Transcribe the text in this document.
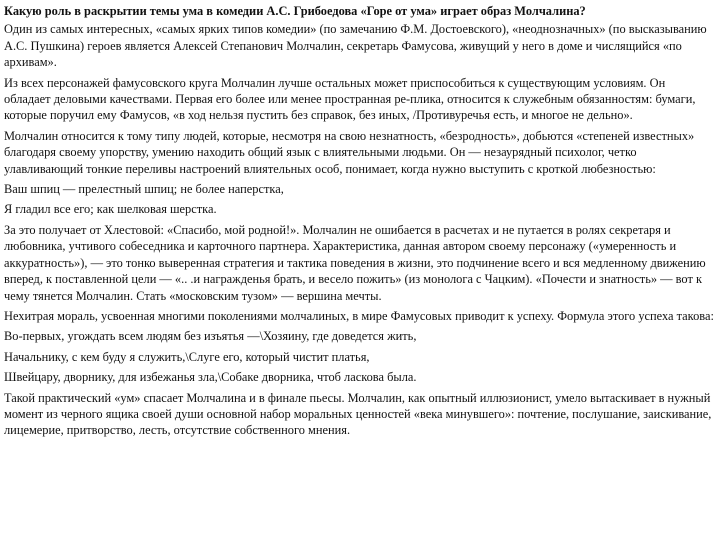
Какую роль в раскрытии темы ума в комедии А.С. Грибоедова «Горе от ума» играет образ Молчалина?

Один из самых интересных, «самых ярких типов комедии» (по замечанию Ф.М. Достоевского), «неоднозначных» (по высказыванию А.С. Пушкина) героев является Алексей Степанович Молчалин, секретарь Фамусова, живущий у него в доме и числящийся «по архивам».

Из всех персонажей фамусовского круга Молчалин лучше остальных может приспособиться к существующим условиям. Он обладает деловыми качествами. Первая его более или менее пространная ре-плика, относится к служебным обязанностям: бумаги, которые поручил ему Фамусов, «в ход нельзя пустить без справок, без иных, /Противуречья есть, и многое не дельно».

Молчалин относится к тому типу людей, которые, несмотря на свою незнатность, «безродность», добьются «степеней известных» благодаря своему упорству, умению находить общий язык с влиятельными людьми. Он — незаурядный психолог, четко улавливающий тонкие переливы настроений влиятельных особ, понимает, когда нужно выступить с кроткой любезностью:

Ваш шпиц — прелестный шпиц; не более наперстка,

Я гладил все его; как шелковая шерстка.

За это получает от Хлестовой: «Спасибо, мой родной!». Молчалин не ошибается в расчетах и не путается в ролях секретаря и любовника, учтивого собеседника и карточного партнера. Характеристика, данная автором своему персонажу («умеренность и аккуратность»), — это тонко выверенная стратегия и тактика поведения в жизни, это подчинение всего и вся медленному движению вперед, к поставленной цели — «.. .и награжденья брать, и весело пожить» (из монолога с Чацким). «Почести и знатность» — вот к чему тянется Молчалин. Стать «московским тузом» — вершина мечты.

Нехитрая мораль, усвоенная многими поколениями молчалиных, в мире Фамусовых приводит к успеху. Формула этого успеха такова:

Во-первых, угождать всем людям без изъятья —\Хозяину, где доведется жить,

Начальнику, с кем буду я служить,\Слуге его, который чистит платья,

Швейцару, дворнику, для избежанья зла,\Собаке дворника, чтоб ласкова была.

Такой практический «ум» спасает Молчалина и в финале пьесы. Молчалин, как опытный иллюзионист, умело вытаскивает в нужный момент из черного ящика своей души основной набор моральных ценностей «века минувшего»: почтение, послушание, заискивание, лицемерие, притворство, лесть, отсутствие собственного мнения.
